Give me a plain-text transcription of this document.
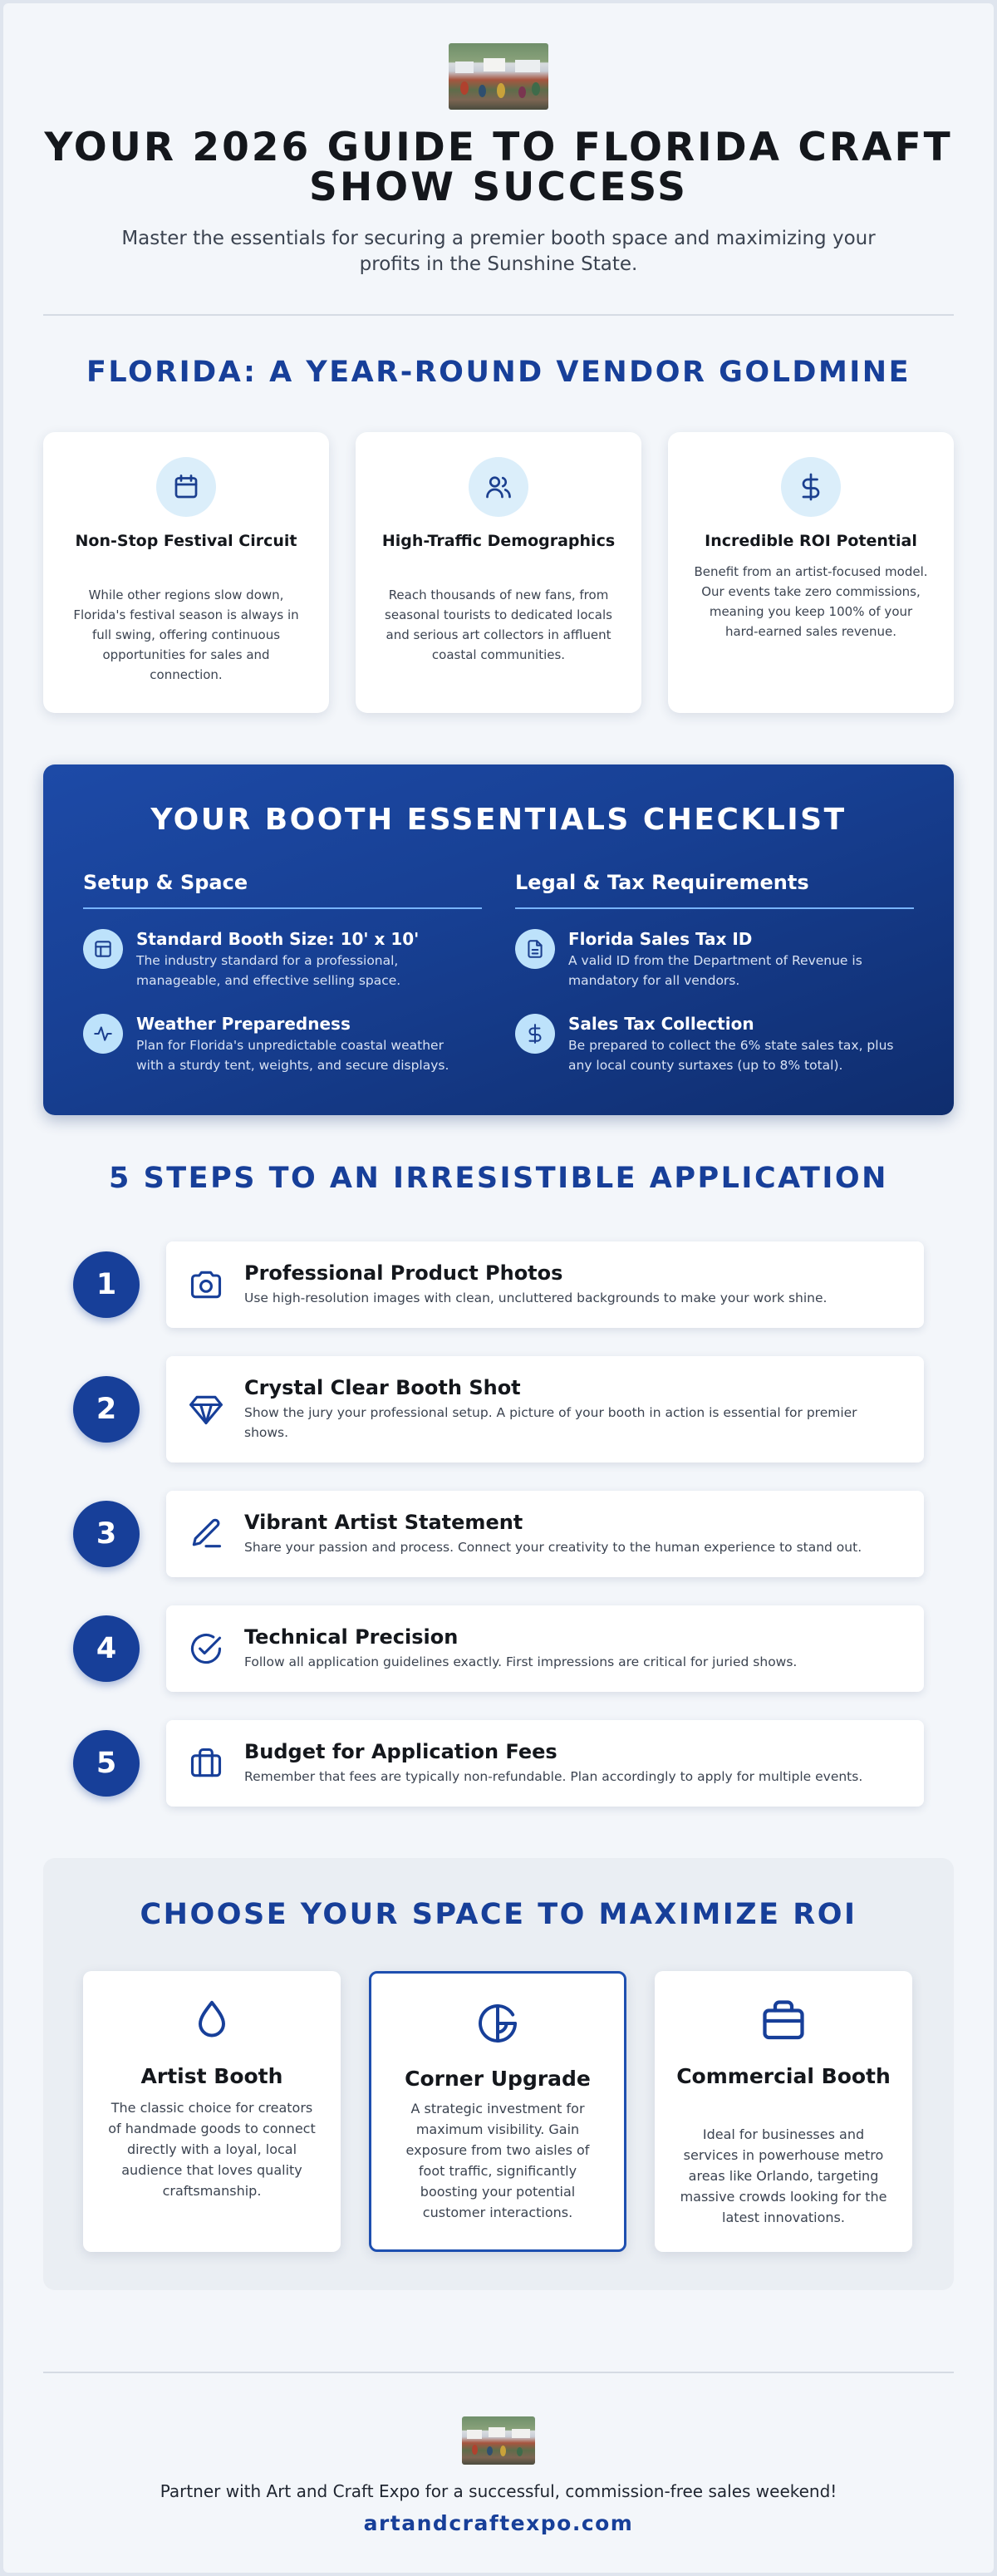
YOUR 2026 GUIDE TO FLORIDA CRAFT SHOW SUCCESS
Master the essentials for securing a premier booth space and maximizing your profits in the Sunshine State.
FLORIDA: A YEAR-ROUND VENDOR GOLDMINE
Non-Stop Festival Circuit
While other regions slow down, Florida's festival season is always in full swing, offering continuous opportunities for sales and connection.
High-Traffic Demographics
Reach thousands of new fans, from seasonal tourists to dedicated locals and serious art collectors in affluent coastal communities.
Incredible ROI Potential
Benefit from an artist-focused model. Our events take zero commissions, meaning you keep 100% of your hard-earned sales revenue.
YOUR BOOTH ESSENTIALS CHECKLIST
Setup & Space	Legal & Tax Requirements
Standard Booth Size: 10' x 10'
The industry standard for a professional, manageable, and effective selling space.
Weather Preparedness
Plan for Florida's unpredictable coastal weather with a sturdy tent, weights, and secure displays.
Florida Sales Tax ID
A valid ID from the Department of Revenue is mandatory for all vendors.
Sales Tax Collection
Be prepared to collect the 6% state sales tax, plus any local county surtaxes (up to 8% total).
5 STEPS TO AN IRRESISTIBLE APPLICATION
1	Professional Product Photos
Use high-resolution images with clean, uncluttered backgrounds to make your work shine.
2
Crystal Clear Booth Shot
Show the jury your professional setup. A picture of your booth in action is essential for premier shows.
3	Vibrant Artist Statement
Share your passion and process. Connect your creativity to the human experience to stand out.
4	Technical Precision
Follow all application guidelines exactly. First impressions are critical for juried shows.
5	Budget for Application Fees
Remember that fees are typically non-refundable. Plan accordingly to apply for multiple events.
CHOOSE YOUR SPACE TO MAXIMIZE ROI
Artist Booth
The classic choice for creators of handmade goods to connect directly with a loyal, local audience that loves quality craftsmanship.
Corner Upgrade
A strategic investment for maximum visibility. Gain exposure from two aisles of foot traffic, significantly boosting your potential customer interactions.
Commercial Booth
Ideal for businesses and services in powerhouse metro areas like Orlando, targeting massive crowds looking for the latest innovations.
Partner with Art and Craft Expo for a successful, commission-free sales weekend!
artandcraftexpo.com
